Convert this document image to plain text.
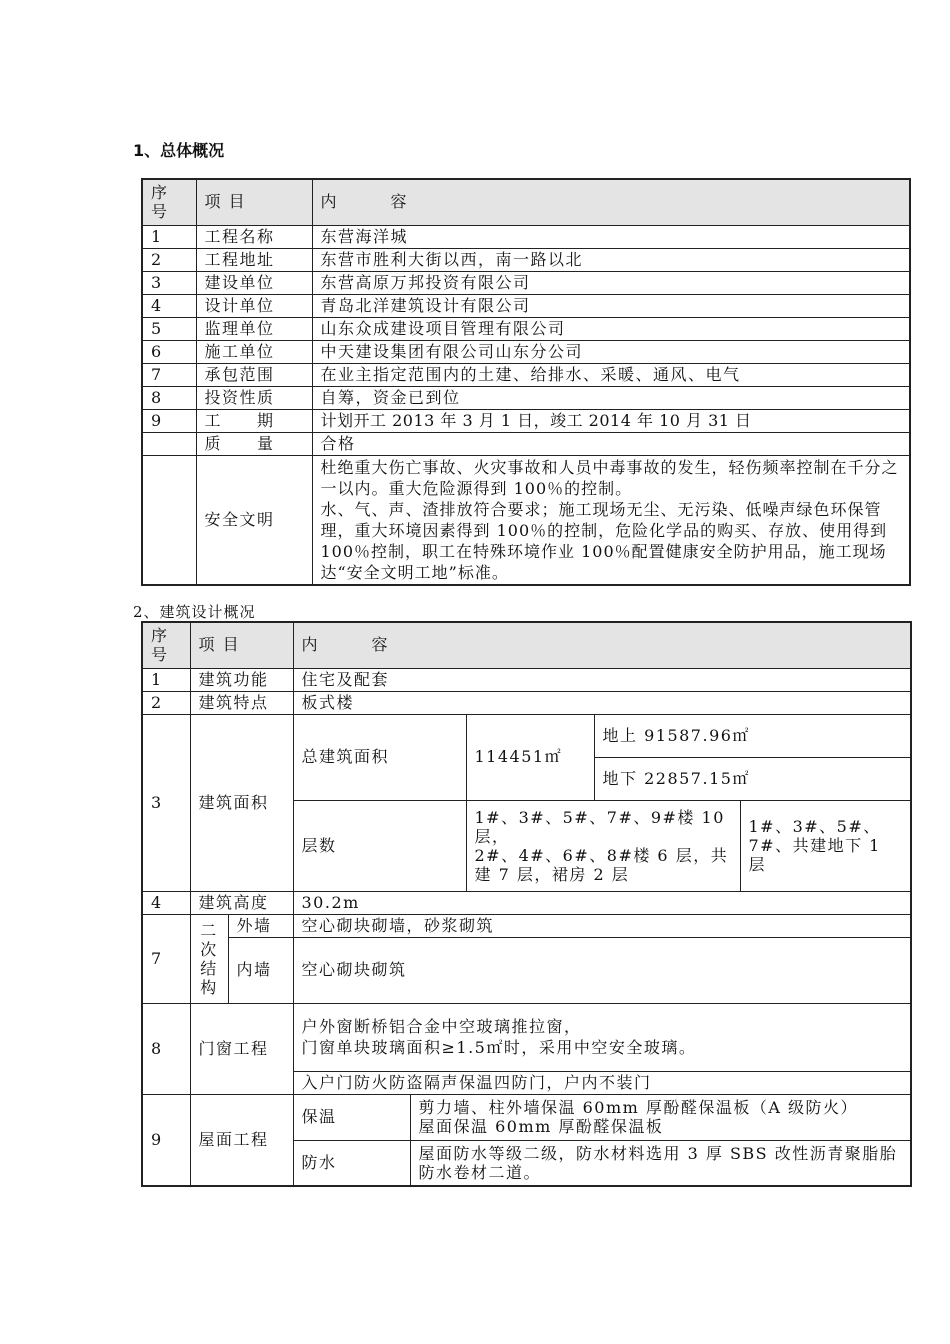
1、总体概况
序
号	项 目	内　　　容
1	工程名称	东营海洋城
2	工程地址	东营市胜利大街以西，南一路以北
3	建设单位	东营高原万邦投资有限公司
4	设计单位	青岛北洋建筑设计有限公司
5	监理单位	山东众成建设项目管理有限公司
6	施工单位	中天建设集团有限公司山东分公司
7	承包范围	在业主指定范围内的土建、给排水、采暖、通风、电气
8	投资性质	自筹，资金已到位
9	工　　期	计划开工 2013 年 3 月 1 日，竣工 2014 年 10 月 31 日
	质　　量	合格
	安全文明	杜绝重大伤亡事故、火灾事故和人员中毒事故的发生，轻伤频率控制在千分之一以内。重大危险源得到 100％的控制。
水、气、声、渣排放符合要求；施工现场无尘、无污染、低噪声绿色环保管理，重大环境因素得到 100％的控制，危险化学品的购买、存放、使用得到 100％控制，职工在特殊环境作业 100％配置健康安全防护用品，施工现场达“安全文明工地”标准。
2、建筑设计概况
序
号	项 目		内　　　容				
1	建筑功能		住宅及配套				
2	建筑特点		板式楼				
3	建筑面积		总建筑面积		114451㎡	地上 91587.96㎡	
						地下 22857.15㎡	
			层数		1#、3#、5#、7#、9#楼 10 层，
2#、4#、6#、8#楼 6 层，共建 7 层，裙房 2 层		1#、3#、5#、7#、共建地下 1 层
4	建筑高度		30.2m				
7	二
次
结
构	外墙	空心砌块砌墙，砂浆砌筑				
		内墙	空心砌块砌筑				
8	门窗工程		户外窗断桥铝合金中空玻璃推拉窗，
门窗单块玻璃面积≥1.5㎡时，采用中空安全玻璃。				
			入户门防火防盗隔声保温四防门，户内不装门				
9	屋面工程		保温	剪力墙、柱外墙保温 60mm 厚酚醛保温板（A 级防火）
屋面保温 60mm 厚酚醛保温板			
			防水	屋面防水等级二级，防水材料选用 3 厚 SBS 改性沥青聚脂胎防水卷材二道。			
